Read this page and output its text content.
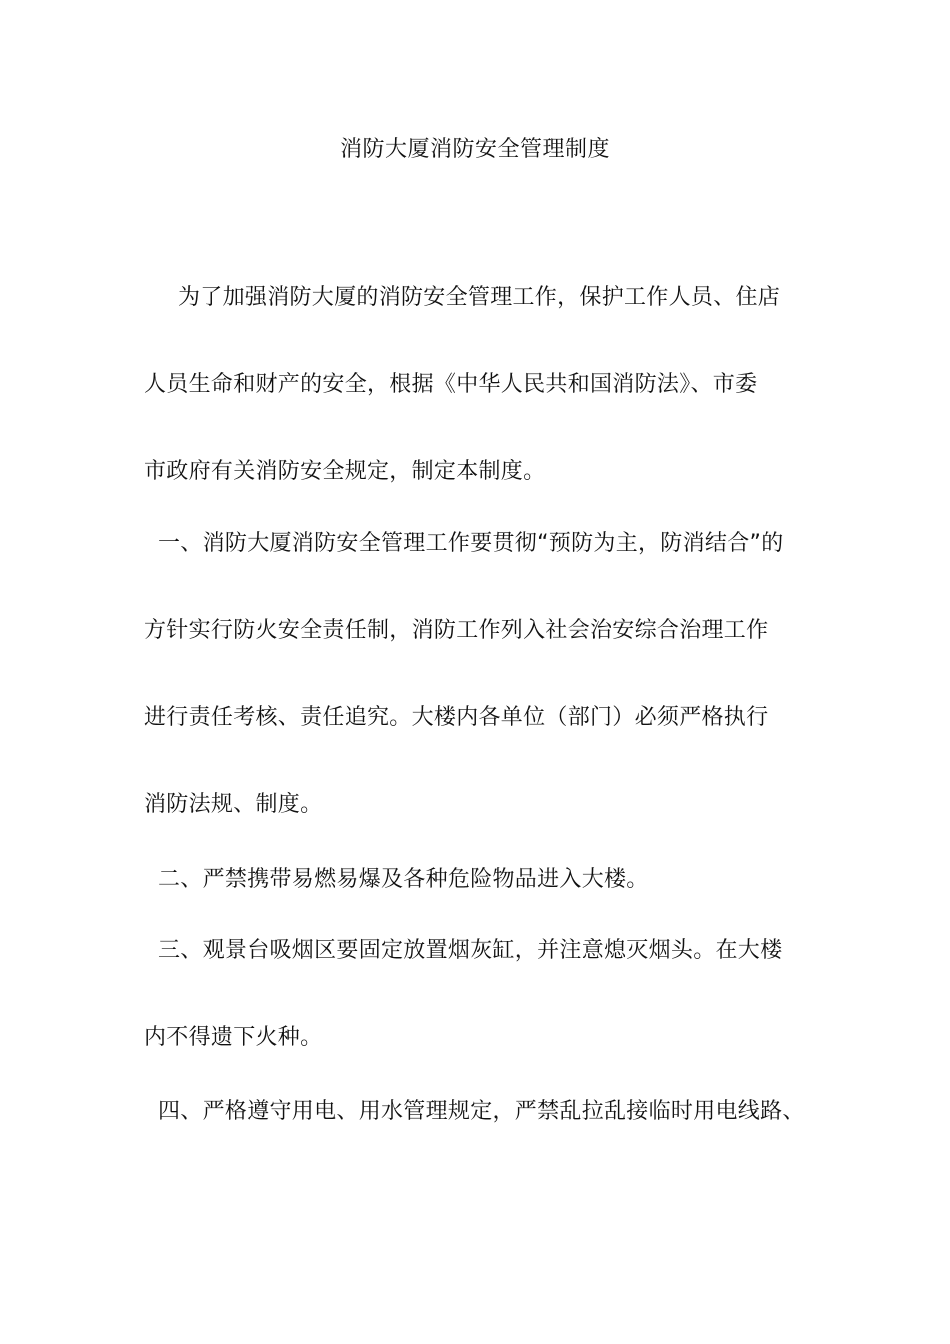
消防大厦消防安全管理制度
为了加强消防大厦的消防安全管理工作，保护工作人员、住店
人员生命和财产的安全，根据《中华人民共和国消防法》、市委
市政府有关消防安全规定，制定本制度。
一、消防大厦消防安全管理工作要贯彻“预防为主，防消结合”的
方针实行防火安全责任制，消防工作列入社会治安综合治理工作
进行责任考核、责任追究。大楼内各单位（部门）必须严格执行
消防法规、制度。
二、严禁携带易燃易爆及各种危险物品进入大楼。
三、观景台吸烟区要固定放置烟灰缸，并注意熄灭烟头。在大楼
内不得遗下火种。
四、严格遵守用电、用水管理规定，严禁乱拉乱接临时用电线路、
